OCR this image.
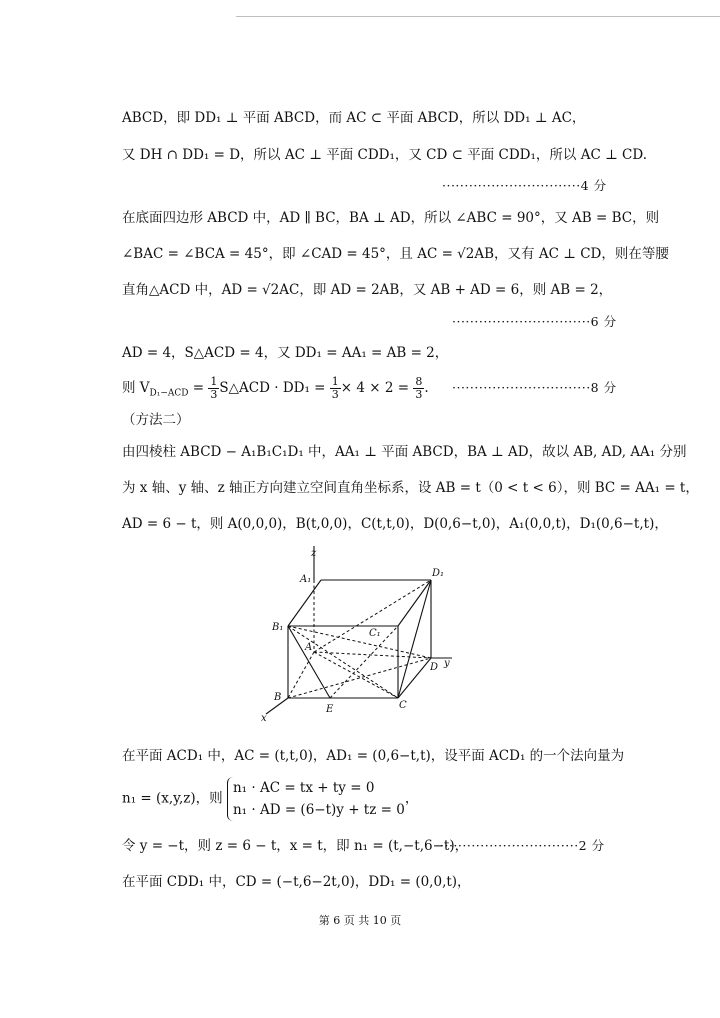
ABCD，即 DD₁ ⊥ 平面 ABCD，而 AC ⊂ 平面 ABCD，所以 DD₁ ⊥ AC，
又 DH ∩ DD₁ = D，所以 AC ⊥ 平面 CDD₁，又 CD ⊂ 平面 CDD₁，所以 AC ⊥ CD.
·······························4 分
在底面四边形 ABCD 中，AD ∥ BC，BA ⊥ AD，所以 ∠ABC = 90°，又 AB = BC，则
∠BAC = ∠BCA = 45°，即 ∠CAD = 45°，且 AC = √2AB，又有 AC ⊥ CD，则在等腰
直角△ACD 中，AD = √2AC，即 AD = 2AB，又 AB + AD = 6，则 AB = 2，
·······························6 分
AD = 4，S△ACD = 4，又 DD₁ = AA₁ = AB = 2，
则 $V_{D_1-ACD} = \frac{1}{3}$ S△ACD · $DD_1 = \frac{1}{3} \times 4 \times 2 = \frac{8}{3}$ . ·······························8 分
（方法二）
由四棱柱 ABCD − A₁B₁C₁D₁ 中，AA₁ ⊥ 平面 ABCD，BA ⊥ AD，故以 AB, AD, AA₁ 分别
为 x 轴、y 轴、z 轴正方向建立空间直角坐标系，设 AB = t（0 < t < 6），则 BC = AA₁ = t，
AD = 6 − t，则 A(0,0,0)，B(t,0,0)，C(t,t,0)，D(0,6−t,0)，A₁(0,0,t)，D₁(0,6−t,t)，
z
A₁
D₁
B₁
C₁
A
D y
B
E	C
x
在平面 ACD₁ 中，AC = (t,t,0)，AD₁ = (0,6−t,t)，设平面 ACD₁ 的一个法向量为
n₁ = (x,y,z)，则
n₁ · AC = tx + ty = 0
n₁ · AD = (6−t)y + tz = 0
，
令 y = −t，则 z = 6 − t，x = t，即 n₁ = (t,−t,6−t)，
·······························2 分
在平面 CDD₁ 中，CD = (−t,6−2t,0)，DD₁ = (0,0,t)，
第 6 页 共 10 页
